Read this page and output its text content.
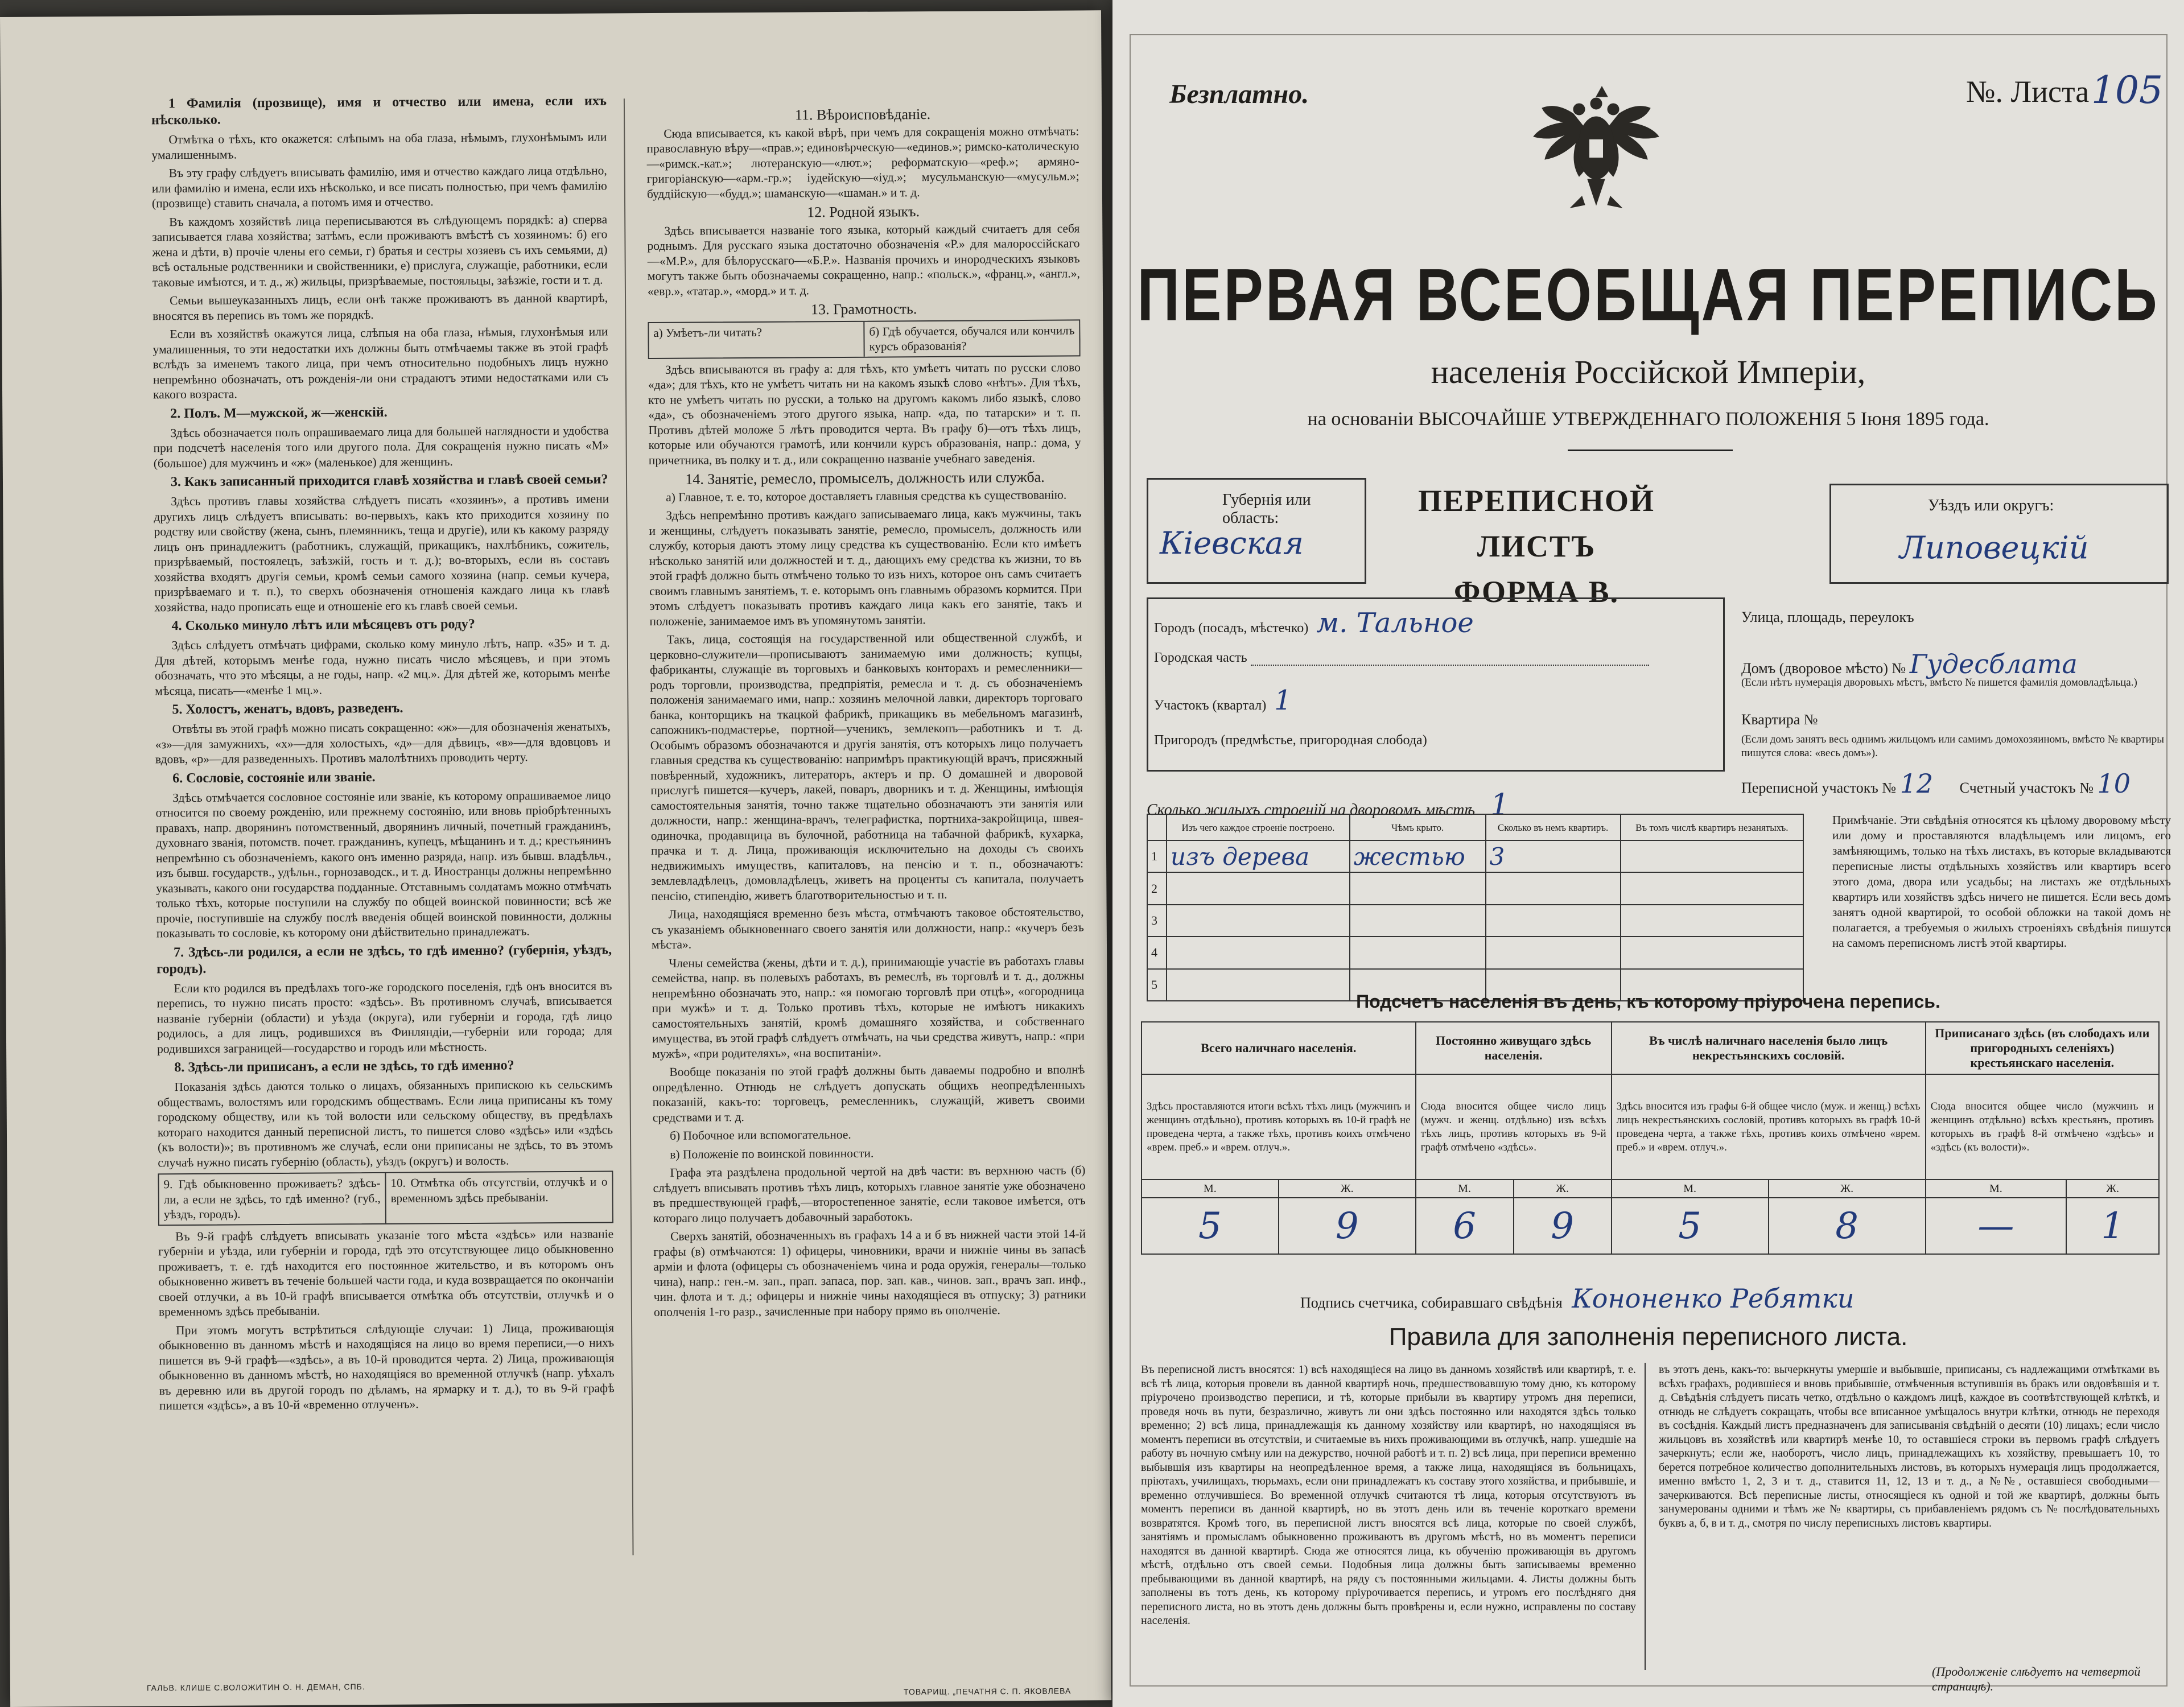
1 Фамилія (прозвище), имя и отчество или имена, если ихъ нѣсколько.

Отмѣтка о тѣхъ, кто окажется: слѣпымъ на оба глаза, нѣмымъ, глухонѣмымъ или умалишеннымъ.

Въ эту графу слѣдуетъ вписывать фамилію, имя и отчество каждаго лица отдѣльно, или фамилію и имена, если ихъ нѣсколько, и все писать полностью, при чемъ фамилію (прозвище) ставить сначала, а потомъ имя и отчество.

Въ каждомъ хозяйствѣ лица переписываются въ слѣдующемъ порядкѣ: а) сперва записывается глава хозяйства; затѣмъ, если проживаютъ вмѣстѣ съ хозяиномъ: б) его жена и дѣти, в) прочіе члены его семьи, г) братья и сестры хозяевъ съ ихъ семьями, д) всѣ остальные родственники и свойственники, е) прислуга, служащіе, работники, если таковые имѣются, и т. д., ж) жильцы, призрѣваемые, постояльцы, заѣзжіе, гости и т. д.

Семьи вышеуказанныхъ лицъ, если онѣ также проживаютъ въ данной квартирѣ, вносятся въ перепись въ томъ же порядкѣ.

Если въ хозяйствѣ окажутся лица, слѣпыя на оба глаза, нѣмыя, глухонѣмыя или умалишенныя, то эти недостатки ихъ должны быть отмѣчаемы также въ этой графѣ вслѣдъ за именемъ такого лица, при чемъ относительно подобныхъ лицъ нужно непремѣнно обозначать, отъ рожденія-ли они страдаютъ этими недостатками или съ какого возраста.

2. Полъ. М—мужской, ж—женскій.

Здѣсь обозначается полъ опрашиваемаго лица для большей наглядности и удобства при подсчетѣ населенія того или другого пола. Для сокращенія нужно писать «М» (большое) для мужчинъ и «ж» (маленькое) для женщинъ.

3. Какъ записанный приходится главѣ хозяйства и главѣ своей семьи?

Здѣсь противъ главы хозяйства слѣдуетъ писать «хозяинъ», а противъ имени другихъ лицъ слѣдуетъ вписывать: во-первыхъ, какъ кто приходится хозяину по родству или свойству (жена, сынъ, племянникъ, теща и другіе), или къ какому разряду лицъ онъ принадлежитъ (работникъ, служащій, прикащикъ, нахлѣбникъ, сожитель, призрѣваемый, постоялецъ, заѣзжій, гость и т. д.); во-вторыхъ, если въ составъ хозяйства входятъ другія семьи, кромѣ семьи самого хозяина (напр. семьи кучера, призрѣваемаго и т. п.), то сверхъ обозначенія отношенія каждаго лица къ главѣ хозяйства, надо прописать еще и отношеніе его къ главѣ своей семьи.

4. Сколько минуло лѣтъ или мѣсяцевъ отъ роду?

Здѣсь слѣдуетъ отмѣчать цифрами, сколько кому минуло лѣтъ, напр. «35» и т. д. Для дѣтей, которымъ менѣе года, нужно писать число мѣсяцевъ, и при этомъ обозначать, что это мѣсяцы, а не годы, напр. «2 мц.». Для дѣтей же, которымъ менѣе мѣсяца, писать—«менѣе 1 мц.».

5. Холостъ, женатъ, вдовъ, разведенъ.

Отвѣты въ этой графѣ можно писать сокращенно: «ж»—для обозначенія женатыхъ, «з»—для замужнихъ, «х»—для холостыхъ, «д»—для дѣвицъ, «в»—для вдовцовъ и вдовъ, «р»—для разведенныхъ. Противъ малолѣтнихъ проводить черту.

6. Сословіе, состояніе или званіе.

Здѣсь отмѣчается сословное состояніе или званіе, къ которому опрашиваемое лицо относится по своему рожденію, или прежнему состоянію, или вновь пріобрѣтенныхъ правахъ, напр. дворянинъ потомственный, дворянинъ личный, почетный гражданинъ, духовнаго званія, потомств. почет. гражданинъ, купецъ, мѣщанинъ и т. д.; крестьянинъ непремѣнно съ обозначеніемъ, какого онъ именно разряда, напр. изъ бывш. владѣльч., изъ бывш. государств., удѣльн., горнозаводск., и т. д. Иностранцы должны непремѣнно указывать, какого они государства подданные. Отставнымъ солдатамъ можно отмѣчать только тѣхъ, которые поступили на службу по общей воинской повинности; всѣ же прочіе, поступившіе на службу послѣ введенія общей воинской повинности, должны показывать то сословіе, къ которому они дѣйствительно принадлежатъ.

7. Здѣсь-ли родился, а если не здѣсь, то гдѣ именно? (губернія, уѣздъ, городъ).

Если кто родился въ предѣлахъ того-же городского поселенія, гдѣ онъ вносится въ перепись, то нужно писать просто: «здѣсь». Въ противномъ случаѣ, вписывается названіе губерніи (области) и уѣзда (округа), или губерніи и города, гдѣ лицо родилось, а для лицъ, родившихся въ Финляндіи,—губерніи или города; для родившихся заграницей—государство и городъ или мѣстность.

8. Здѣсь-ли приписанъ, а если не здѣсь, то гдѣ именно?

Показанія здѣсь даются только о лицахъ, обязанныхъ припискою къ сельскимъ обществамъ, волостямъ или городскимъ обществамъ. Если лица приписаны къ тому городскому обществу, или къ той волости или сельскому обществу, въ предѣлахъ котораго находится данный переписной листъ, то пишется слово «здѣсь» или «здѣсь (къ волости)»; въ противномъ же случаѣ, если они приписаны не здѣсь, то въ этомъ случаѣ нужно писать губернію (область), уѣздъ (округъ) и волость.

9. Гдѣ обыкновенно проживаетъ? здѣсь-ли, а если не здѣсь, то гдѣ именно? (губ., уѣздъ, городъ).
10. Отмѣтка объ отсутствіи, отлучкѣ и о временномъ здѣсь пребываніи.

Въ 9-й графѣ слѣдуетъ вписывать указаніе того мѣста «здѣсь» или названіе губерніи и уѣзда, или губерніи и города, гдѣ это отсутствующее лицо обыкновенно проживаетъ, т. е. гдѣ находится его постоянное жительство, и въ которомъ онъ обыкновенно живетъ въ теченіе большей части года, и куда возвращается по окончаніи своей отлучки, а въ 10-й графѣ вписывается отмѣтка объ отсутствіи, отлучкѣ и о временномъ здѣсь пребываніи.

При этомъ могутъ встрѣтиться слѣдующіе случаи: 1) Лица, проживающія обыкновенно въ данномъ мѣстѣ и находящіяся на лицо во время переписи,—о нихъ пишется въ 9-й графѣ—«здѣсь», а въ 10-й проводится черта. 2) Лица, проживающія обыкновенно въ данномъ мѣстѣ, но находящіяся во временной отлучкѣ (напр. уѣхалъ въ деревню или въ другой городъ по дѣламъ, на ярмарку и т. д.), то въ 9-й графѣ пишется «здѣсь», а въ 10-й «временно отлученъ».

11. Вѣроисповѣданіе.

Сюда вписывается, къ какой вѣрѣ, при чемъ для сокращенія можно отмѣчать: православную вѣру—«прав.»; единовѣрческую—«единов.»; римско-католическую—«римск.-кат.»; лютеранскую—«лют.»; реформатскую—«реф.»; армяно-григоріанскую—«арм.-гр.»; іудейскую—«іуд.»; мусульманскую—«мусульм.»; буддійскую—«будд.»; шаманскую—«шаман.» и т. д.

12. Родной языкъ.

Здѣсь вписывается названіе того языка, который каждый считаетъ для себя роднымъ. Для русскаго языка достаточно обозначенія «Р.» для малороссійскаго—«М.Р.», для бѣлорусскаго—«Б.Р.». Названія прочихъ и инородческихъ языковъ могутъ также быть обозначаемы сокращенно, напр.: «польск.», «франц.», «англ.», «евр.», «татар.», «морд.» и т. д.

13. Грамотность.
а) Умѣетъ-ли читать?	б) Гдѣ обучается, обучался или кончилъ курсъ образованія?

Здѣсь вписываются въ графу а: для тѣхъ, кто умѣетъ читать по русски слово «да»; для тѣхъ, кто не умѣетъ читать ни на какомъ языкѣ слово «нѣтъ». Для тѣхъ, кто не умѣетъ читать по русски, а только на другомъ какомъ либо языкѣ, слово «да», съ обозначеніемъ этого другого языка, напр. «да, по татарски» и т. п. Противъ дѣтей моложе 5 лѣтъ проводится черта. Въ графу б)—отъ тѣхъ лицъ, которые или обучаются грамотѣ, или кончили курсъ образованія, напр.: дома, у причетника, въ полку и т. д., или сокращенно названіе учебнаго заведенія.

14. Занятіе, ремесло, промыселъ, должность или служба.

а) Главное, т. е. то, которое доставляетъ главныя средства къ существованію.

Здѣсь непремѣнно противъ каждаго записываемаго лица, какъ мужчины, такъ и женщины, слѣдуетъ показывать занятіе, ремесло, промыселъ, должность или службу, которыя даютъ этому лицу средства къ существованію. Если кто имѣетъ нѣсколько занятій или должностей и т. д., дающихъ ему средства къ жизни, то въ этой графѣ должно быть отмѣчено только то изъ нихъ, которое онъ самъ считаетъ своимъ главнымъ занятіемъ, т. е. которымъ онъ главнымъ образомъ кормится. При этомъ слѣдуетъ показывать противъ каждаго лица какъ его занятіе, такъ и положеніе, занимаемое имъ въ упомянутомъ занятіи.

Такъ, лица, состоящія на государственной или общественной службѣ, и церковно-служители—прописываютъ занимаемую ими должность; купцы, фабриканты, служащіе въ торговыхъ и банковыхъ конторахъ и ремесленники—родъ торговли, производства, предпріятія, ремесла и т. д. съ обозначеніемъ положенія занимаемаго ими, напр.: хозяинъ мелочной лавки, директоръ торговаго банка, конторщикъ на ткацкой фабрикѣ, прикащикъ въ мебельномъ магазинѣ, сапожникъ-подмастерье, портной—ученикъ, землекопъ—работникъ и т. д. Особымъ образомъ обозначаются и другія занятія, отъ которыхъ лицо получаетъ главныя средства къ существованію: напримѣръ практикующій врачъ, присяжный повѣренный, художникъ, литераторъ, актеръ и пр. О домашней и дворовой прислугѣ пишется—кучеръ, лакей, поваръ, дворникъ и т. д. Женщины, имѣющія самостоятельныя занятія, точно также тщательно обозначаютъ эти занятія или должности, напр.: женщина-врачъ, телеграфистка, портниха-закройщица, швея-одиночка, продавщица въ булочной, работница на табачной фабрикѣ, кухарка, прачка и т. д. Лица, проживающія исключительно на доходы съ своихъ недвижимыхъ имуществъ, капиталовъ, на пенсію и т. п., обозначаютъ: землевладѣлецъ, домовладѣлецъ, живетъ на проценты съ капитала, получаетъ пенсію, стипендію, живетъ благотворительностью и т. п.

Лица, находящіяся временно безъ мѣста, отмѣчаютъ таковое обстоятельство, съ указаніемъ обыкновеннаго своего занятія или должности, напр.: «кучеръ безъ мѣста».

Члены семейства (жены, дѣти и т. д.), принимающіе участіе въ работахъ главы семейства, напр. въ полевыхъ работахъ, въ ремеслѣ, въ торговлѣ и т. д., должны непремѣнно обозначать это, напр.: «я помогаю торговлѣ при отцѣ», «огородница при мужѣ» и т. д. Только противъ тѣхъ, которые не имѣютъ никакихъ самостоятельныхъ занятій, кромѣ домашняго хозяйства, и собственнаго имущества, въ этой графѣ слѣдуетъ отмѣчать, на чьи средства живутъ, напр.: «при мужѣ», «при родителяхъ», «на воспитаніи».

Вообще показанія по этой графѣ должны быть даваемы подробно и вполнѣ опредѣленно. Отнюдь не слѣдуетъ допускать общихъ неопредѣленныхъ показаній, какъ-то: торговецъ, ремесленникъ, служащій, живетъ своими средствами и т. д.

б) Побочное или вспомогательное.

в) Положеніе по воинской повинности.

Графа эта раздѣлена продольной чертой на двѣ части: въ верхнюю часть (б) слѣдуетъ вписывать противъ тѣхъ лицъ, которыхъ главное занятіе уже обозначено въ предшествующей графѣ,—второстепенное занятіе, если таковое имѣется, отъ котораго лицо получаетъ добавочный заработокъ.

Сверхъ занятій, обозначенныхъ въ графахъ 14 а и б въ нижней части этой 14-й графы (в) отмѣчаются: 1) офицеры, чиновники, врачи и нижніе чины въ запасѣ арміи и флота (офицеры съ обозначеніемъ чина и рода оружія, генералы—только чина), напр.: ген.-м. зап., прап. запаса, пор. зап. кав., чинов. зап., врачъ зап. инф., чин. флота и т. д.; офицеры и нижніе чины находящіеся въ отпуску; 3) ратники ополченія 1-го разр., зачисленные при набору прямо въ ополченіе.

ГАЛЬВ. КЛИШЕ С.ВОЛОЖИТИН О. Н. ДЕМАН, СПБ.	ТОВАРИЩ. „ПЕЧАТНЯ С. П. ЯКОВЛЕВА
Безплатно.	№. Листа 105
ПЕРВАЯ ВСЕОБЩАЯ ПЕРЕПИСЬ
населенія Россійской Имперіи,
на основаніи ВЫСОЧАЙШЕ УТВЕРЖДЕННАГО ПОЛОЖЕНІЯ 5 Іюня 1895 года.
Губернія или область:
Кіевская
ПЕРЕПИСНОЙ ЛИСТЪ
ФОРМА В.
Уѣздъ или округъ:
Липовецкій
Городъ (посадъ, мѣстечко) м. Тальное
Городская часть
Участокъ (квартал) 1
Пригородъ (предмѣстье, пригородная слобода)
Улица, площадь, переулокъ
Домъ (дворовое мѣсто) № Гудесблата
(Если нѣтъ нумерація дворовыхъ мѣстъ, вмѣсто № пишется фамилія домовладѣльца.)
Квартира №
(Если домъ занятъ весь однимъ жильцомъ или самимъ домохозяиномъ, вмѣсто № квартиры пишутся слова: «весь домъ»).
Переписной участокъ № 12 Счетный участокъ № 10
Сколько жилыхъ строеній на дворовомъ мѣстѣ 1
	Изъ чего каждое строеніе построено.	Чѣмъ крыто.	Сколько въ немъ квартиръ.	Въ томъ числѣ квартиръ незанятыхъ.
1	изъ дерева	жестью	3	
2				
3				
4				
5				
Примѣчаніе. Эти свѣдѣнія относятся къ цѣлому дворовому мѣсту или дому и проставляются владѣльцемъ или лицомъ, его замѣняющимъ, только на тѣхъ листахъ, въ которые вкладываются переписные листы отдѣльныхъ хозяйствъ или квартиръ всего этого дома, двора или усадьбы; на листахъ же отдѣльныхъ квартиръ или хозяйствъ здѣсь ничего не пишется. Если весь домъ занятъ одной квартирой, то особой обложки на такой домъ не полагается, а требуемыя о жилыхъ строеніяхъ свѣдѣнія пишутся на самомъ переписномъ листѣ этой квартиры.
Подсчетъ населенія въ день, къ которому пріурочена перепись.
Всего наличнаго населенія.		Постоянно живущаго здѣсь населенія.		Въ числѣ наличнаго населенія было лицъ некрестьянскихъ сословій.		Приписанаго здѣсь (въ слободахъ или пригородныхъ селеніяхъ) крестьянскаго населенія.	
Здѣсь проставляются итоги всѣхъ тѣхъ лицъ (мужчинъ и женщинъ отдѣльно), противъ которыхъ въ 10-й графѣ не проведена черта, а также тѣхъ, противъ коихъ отмѣчено «врем. преб.» и «врем. отлуч.».		Сюда вносится общее число лицъ (мужч. и женщ. отдѣльно) изъ всѣхъ тѣхъ лицъ, противъ которыхъ въ 9-й графѣ отмѣчено «здѣсь».		Здѣсь вносится изъ графы 6-й общее число (муж. и женщ.) всѣхъ лицъ некрестьянскихъ сословій, противъ которыхъ въ графѣ 10-й проведена черта, а также тѣхъ, противъ коихъ отмѣчено «врем. преб.» и «врем. отлуч.».		Сюда вносится общее число (мужчинъ и женщинъ отдѣльно) всѣхъ крестьянъ, противъ которыхъ въ графѣ 8-й отмѣчено «здѣсь» и «здѣсь (къ волости)».	
М.	Ж.	М.	Ж.	М.	Ж.	М.	Ж.
5	9	6	9	5	8	—	1
Подпись счетчика, собиравшаго свѣдѣнія Кононенко Ребятки
Правила для заполненія переписного листа.
Въ переписной листъ вносятся: 1) всѣ находящіеся на лицо въ данномъ хозяйствѣ или квартирѣ, т. е. всѣ тѣ лица, которыя провели въ данной квартирѣ ночь, предшествовавшую тому дню, къ которому пріурочено производство переписи, и тѣ, которые прибыли въ квартиру утромъ дня переписи, проведя ночь въ пути, безразлично, живутъ ли они здѣсь постоянно или находятся здѣсь только временно; 2) всѣ лица, принадлежащія къ данному хозяйству или квартирѣ, но находящіяся въ моментъ переписи въ отсутствіи, и считаемые въ нихъ проживающими въ отлучкѣ, напр. ушедшіе на работу въ ночную смѣну или на дежурство, ночной работѣ и т. п. 2) всѣ лица, при переписи временно выбывшія изъ квартиры на неопредѣленное время, а также лица, находящіяся въ больницахъ, пріютахъ, училищахъ, тюрьмахъ, если они принадлежатъ къ составу этого хозяйства, и прибывшіе, и временно отлучившіеся. Во временной отлучкѣ считаются тѣ лица, которыя отсутствуютъ въ моментъ переписи въ данной квартирѣ, но въ этотъ день или въ теченіе короткаго времени возвратятся. Кромѣ того, въ переписной листъ вносятся всѣ лица, которые по своей службѣ, занятіямъ и промысламъ обыкновенно проживаютъ въ другомъ мѣстѣ, но въ моментъ переписи находятся въ данной квартирѣ. Сюда же относятся лица, къ обученію проживающія въ другомъ мѣстѣ, отдѣльно отъ своей семьи. Подобныя лица должны быть записываемы временно пребывающими въ данной квартирѣ, на ряду съ постоянными жильцами. 4. Листы должны быть заполнены въ тотъ день, къ которому пріурочивается перепись, и утромъ его послѣдняго дня переписного листа, но въ этотъ день должны быть провѣрены и, если нужно, исправлены по составу населенія.
въ этотъ день, какъ-то: вычеркнуты умершіе и выбывшіе, приписаны, съ надлежащими отмѣтками въ всѣхъ графахъ, родившіеся и вновь прибывшіе, отмѣченныя вступившія въ бракъ или овдовѣвшія и т. д. Свѣдѣнія слѣдуетъ писать четко, отдѣльно о каждомъ лицѣ, каждое въ соотвѣтствующей клѣткѣ, и отнюдь не слѣдуетъ сокращать, чтобы все вписанное умѣщалось внутри клѣтки, отнюдь не переходя въ сосѣднія. Каждый листъ предназначенъ для записыванія свѣдѣній о десяти (10) лицахъ; если число жильцовъ въ хозяйствѣ или квартирѣ менѣе 10, то оставшіеся строки въ первомъ графѣ слѣдуетъ зачеркнуть; если же, наоборотъ, число лицъ, принадлежащихъ къ хозяйству, превышаетъ 10, то берется потребное количество дополнительныхъ листовъ, въ которыхъ нумерація лицъ продолжается, именно вмѣсто 1, 2, 3 и т. д., ставится 11, 12, 13 и т. д., а №№, оставшіеся свободными—зачеркиваются. Всѣ переписные листы, относящіеся къ одной и той же квартирѣ, должны быть занумерованы одними и тѣмъ же № квартиры, съ прибавленіемъ рядомъ съ № послѣдовательныхъ буквъ а, б, в и т. д., смотря по числу переписныхъ листовъ квартиры.
(Продолженіе слѣдуетъ на четвертой страницѣ).
